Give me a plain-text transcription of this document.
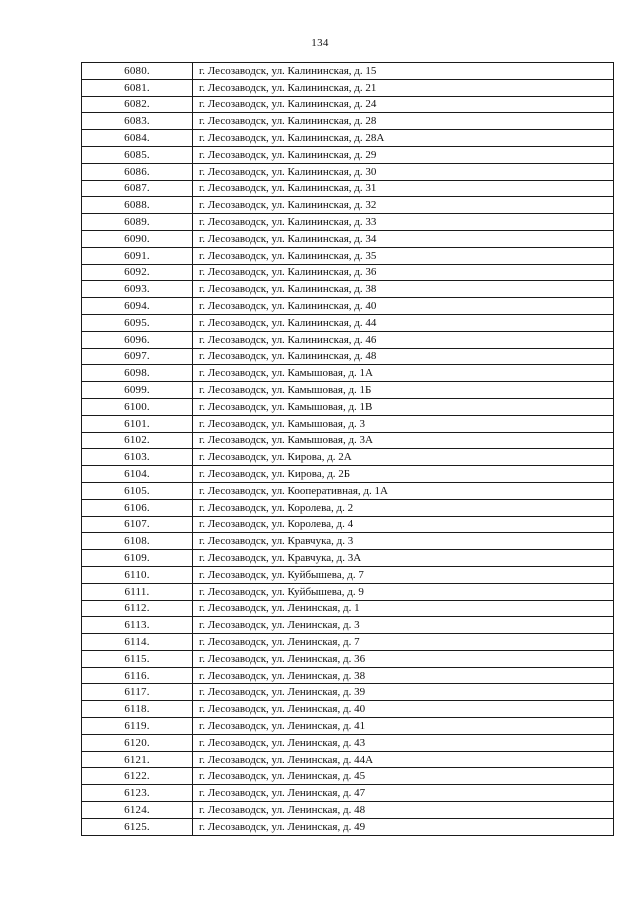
134
6080.	г. Лесозаводск, ул. Калининская, д. 15
6081.	г. Лесозаводск, ул. Калининская, д. 21
6082.	г. Лесозаводск, ул. Калининская, д. 24
6083.	г. Лесозаводск, ул. Калининская, д. 28
6084.	г. Лесозаводск, ул. Калининская, д. 28А
6085.	г. Лесозаводск, ул. Калининская, д. 29
6086.	г. Лесозаводск, ул. Калининская, д. 30
6087.	г. Лесозаводск, ул. Калининская, д. 31
6088.	г. Лесозаводск, ул. Калининская, д. 32
6089.	г. Лесозаводск, ул. Калининская, д. 33
6090.	г. Лесозаводск, ул. Калининская, д. 34
6091.	г. Лесозаводск, ул. Калининская, д. 35
6092.	г. Лесозаводск, ул. Калининская, д. 36
6093.	г. Лесозаводск, ул. Калининская, д. 38
6094.	г. Лесозаводск, ул. Калининская, д. 40
6095.	г. Лесозаводск, ул. Калининская, д. 44
6096.	г. Лесозаводск, ул. Калининская, д. 46
6097.	г. Лесозаводск, ул. Калининская, д. 48
6098.	г. Лесозаводск, ул. Камышовая, д. 1А
6099.	г. Лесозаводск, ул. Камышовая, д. 1Б
6100.	г. Лесозаводск, ул. Камышовая, д. 1В
6101.	г. Лесозаводск, ул. Камышовая, д. 3
6102.	г. Лесозаводск, ул. Камышовая, д. 3А
6103.	г. Лесозаводск, ул. Кирова, д. 2А
6104.	г. Лесозаводск, ул. Кирова, д. 2Б
6105.	г. Лесозаводск, ул. Кооперативная, д. 1А
6106.	г. Лесозаводск, ул. Королева, д. 2
6107.	г. Лесозаводск, ул. Королева, д. 4
6108.	г. Лесозаводск, ул. Кравчука, д. 3
6109.	г. Лесозаводск, ул. Кравчука, д. 3А
6110.	г. Лесозаводск, ул. Куйбышева, д. 7
6111.	г. Лесозаводск, ул. Куйбышева, д. 9
6112.	г. Лесозаводск, ул. Ленинская, д. 1
6113.	г. Лесозаводск, ул. Ленинская, д. 3
6114.	г. Лесозаводск, ул. Ленинская, д. 7
6115.	г. Лесозаводск, ул. Ленинская, д. 36
6116.	г. Лесозаводск, ул. Ленинская, д. 38
6117.	г. Лесозаводск, ул. Ленинская, д. 39
6118.	г. Лесозаводск, ул. Ленинская, д. 40
6119.	г. Лесозаводск, ул. Ленинская, д. 41
6120.	г. Лесозаводск, ул. Ленинская, д. 43
6121.	г. Лесозаводск, ул. Ленинская, д. 44А
6122.	г. Лесозаводск, ул. Ленинская, д. 45
6123.	г. Лесозаводск, ул. Ленинская, д. 47
6124.	г. Лесозаводск, ул. Ленинская, д. 48
6125.	г. Лесозаводск, ул. Ленинская, д. 49
